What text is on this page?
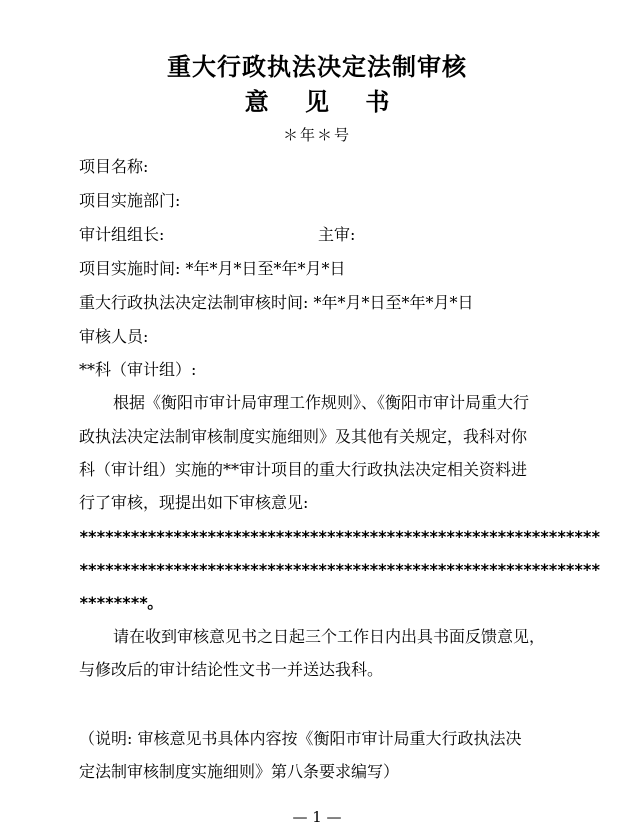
重大行政执法决定法制审核
意 见 书
＊年＊号
项目名称:
项目实施部门:
审计组组长:	主审:
项目实施时间: *年*月*日至*年*月*日
重大行政执法决定法制审核时间: *年*月*日至*年*月*日
审核人员:
**科（审计组）:
根据《衡阳市审计局审理工作规则》、《衡阳市审计局重大行
政执法决定法制审核制度实施细则》及其他有关规定，我科对你
科（审计组）实施的**审计项目的重大行政执法决定相关资料进
行了审核，现提出如下审核意见:
*************************************************************
*************************************************************
********。
请在收到审核意见书之日起三个工作日内出具书面反馈意见，
与修改后的审计结论性文书一并送达我科。
（说明: 审核意见书具体内容按《衡阳市审计局重大行政执法决
定法制审核制度实施细则》第八条要求编写）
— 1 —
